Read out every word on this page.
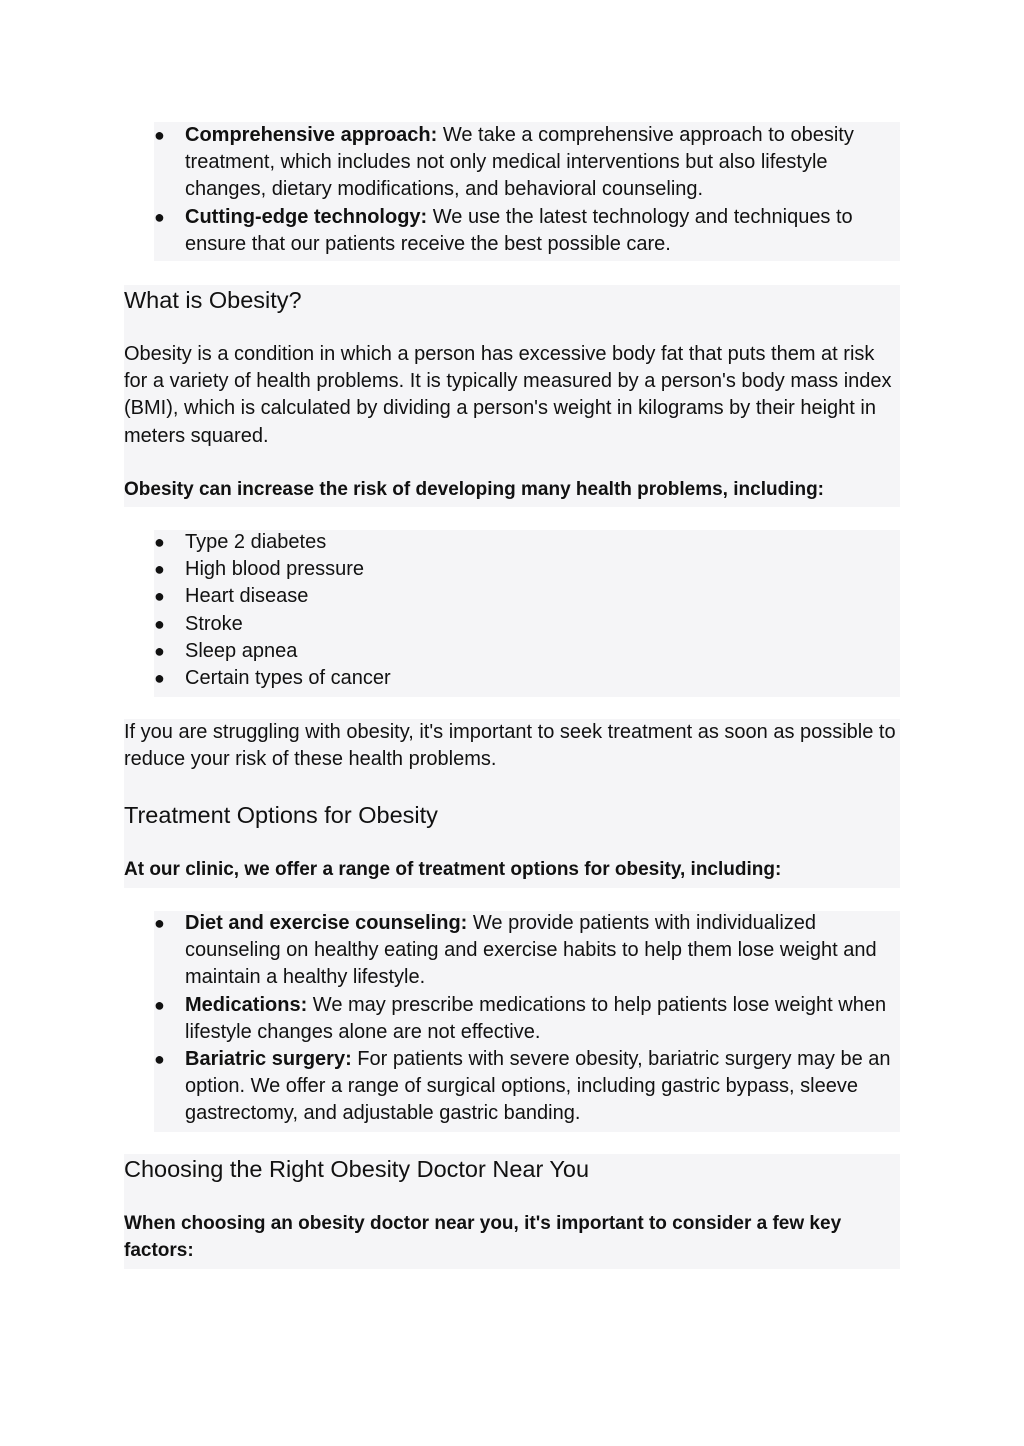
● Comprehensive approach: We take a comprehensive approach to obesity treatment, which includes not only medical interventions but also lifestyle changes, dietary modifications, and behavioral counseling.
● Cutting-edge technology: We use the latest technology and techniques to ensure that our patients receive the best possible care.
What is Obesity?

Obesity is a condition in which a person has excessive body fat that puts them at risk for a variety of health problems. It is typically measured by a person's body mass index (BMI), which is calculated by dividing a person's weight in kilograms by their height in meters squared.

Obesity can increase the risk of developing many health problems, including:

● Type 2 diabetes
● High blood pressure
● Heart disease
● Stroke
● Sleep apnea
● Certain types of cancer

If you are struggling with obesity, it's important to seek treatment as soon as possible to reduce your risk of these health problems.

Treatment Options for Obesity

At our clinic, we offer a range of treatment options for obesity, including:

● Diet and exercise counseling: We provide patients with individualized counseling on healthy eating and exercise habits to help them lose weight and maintain a healthy lifestyle.
● Medications: We may prescribe medications to help patients lose weight when lifestyle changes alone are not effective.
● Bariatric surgery: For patients with severe obesity, bariatric surgery may be an option. We offer a range of surgical options, including gastric bypass, sleeve gastrectomy, and adjustable gastric banding.
Choosing the Right Obesity Doctor Near You

When choosing an obesity doctor near you, it's important to consider a few key factors:
